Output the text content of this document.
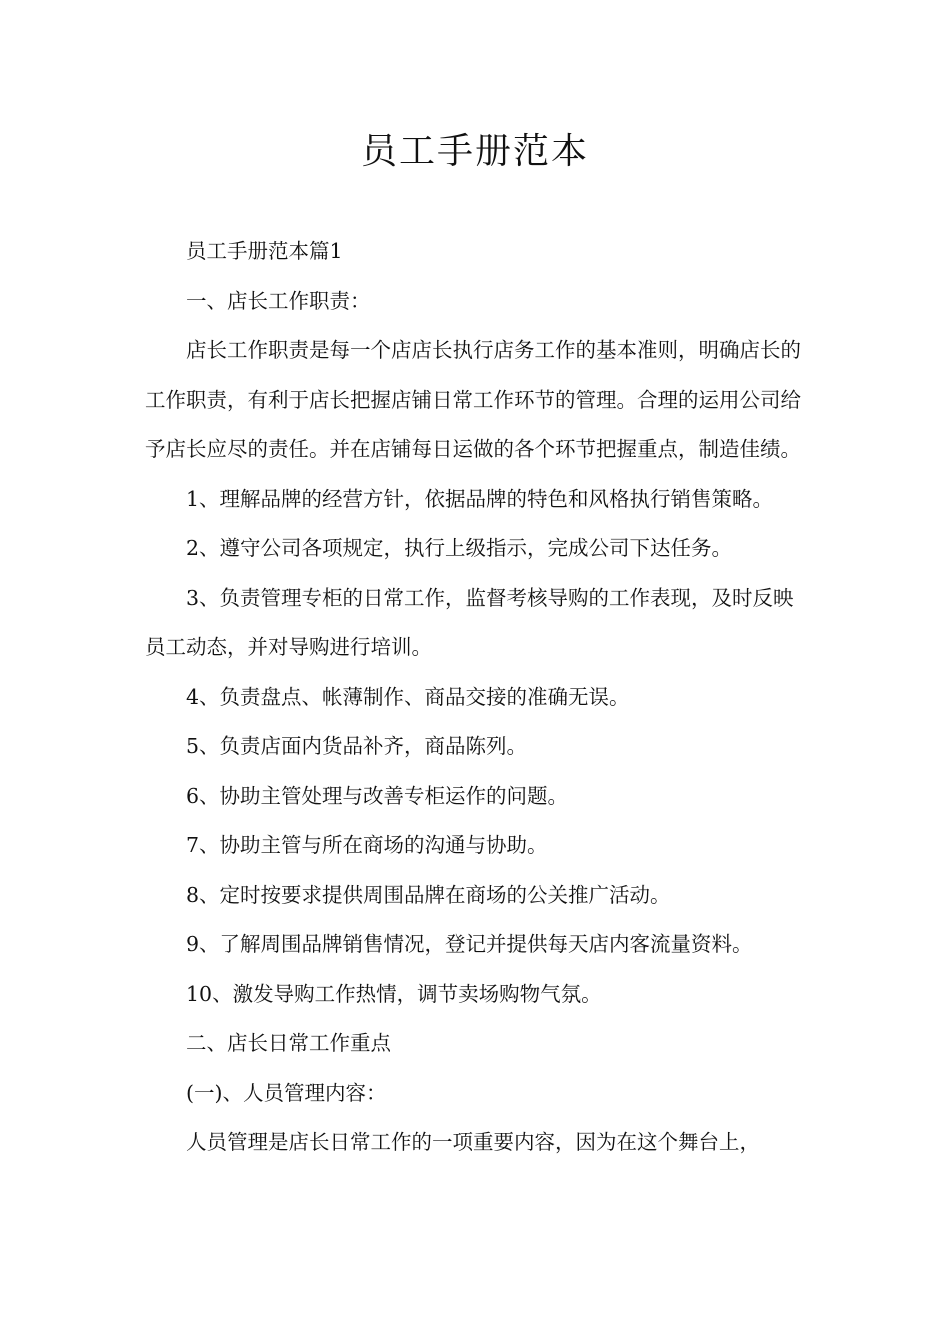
员工手册范本

员工手册范本篇1

一、店长工作职责：

店长工作职责是每一个店店长执行店务工作的基本准则，明确店长的工作职责，有利于店长把握店铺日常工作环节的管理。合理的运用公司给予店长应尽的责任。并在店铺每日运做的各个环节把握重点，制造佳绩。

1、理解品牌的经营方针，依据品牌的特色和风格执行销售策略。

2、遵守公司各项规定，执行上级指示，完成公司下达任务。

3、负责管理专柜的日常工作，监督考核导购的工作表现，及时反映员工动态，并对导购进行培训。

4、负责盘点、帐薄制作、商品交接的准确无误。

5、负责店面内货品补齐，商品陈列。

6、协助主管处理与改善专柜运作的问题。

7、协助主管与所在商场的沟通与协助。

8、定时按要求提供周围品牌在商场的公关推广活动。

9、了解周围品牌销售情况，登记并提供每天店内客流量资料。

10、激发导购工作热情，调节卖场购物气氛。

二、店长日常工作重点

(一)、人员管理内容：

人员管理是店长日常工作的一项重要内容，因为在这个舞台上，
